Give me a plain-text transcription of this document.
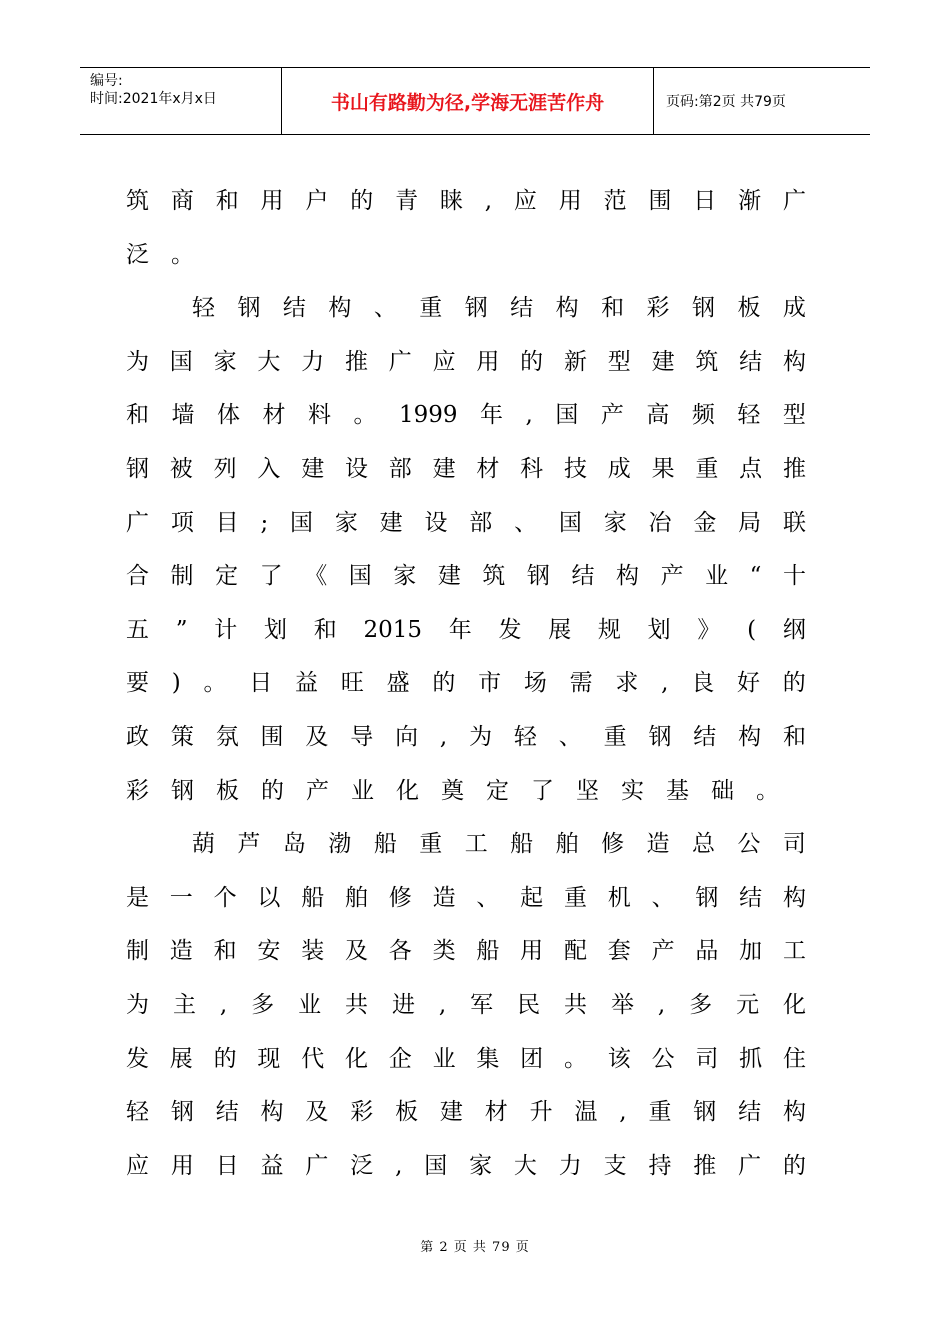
编号:
时间:2021年x月x日	书山有路勤为径,学海无涯苦作舟	页码:第2页 共79页
筑 商 和 用 户 的 青 睐 , 应 用 范 围 日 渐 广
泛 。
轻 钢 结 构 、 重 钢 结 构 和 彩 钢 板 成
为 国 家 大 力 推 广 应 用 的 新 型 建 筑 结 构
和 墙 体 材 料 。 1999 年 , 国 产 高 频 轻 型
钢 被 列 入 建 设 部 建 材 科 技 成 果 重 点 推
广 项 目 ; 国 家 建 设 部 、 国 家 冶 金 局 联
合 制 定 了 《 国 家 建 筑 钢 结 构 产 业 “ 十
五 ” 计 划 和 2015 年 发 展 规 划 》 ( 纲
要 ) 。 日 益 旺 盛 的 市 场 需 求 , 良 好 的
政 策 氛 围 及 导 向 , 为 轻 、 重 钢 结 构 和
彩 钢 板 的 产 业 化 奠 定 了 坚 实 基 础 。
葫 芦 岛 渤 船 重 工 船 舶 修 造 总 公 司
是 一 个 以 船 舶 修 造 、 起 重 机 、 钢 结 构
制 造 和 安 装 及 各 类 船 用 配 套 产 品 加 工
为 主 , 多 业 共 进 , 军 民 共 举 , 多 元 化
发 展 的 现 代 化 企 业 集 团 。 该 公 司 抓 住
轻 钢 结 构 及 彩 板 建 材 升 温 , 重 钢 结 构
应 用 日 益 广 泛 , 国 家 大 力 支 持 推 广 的
第 2 页 共 79 页
